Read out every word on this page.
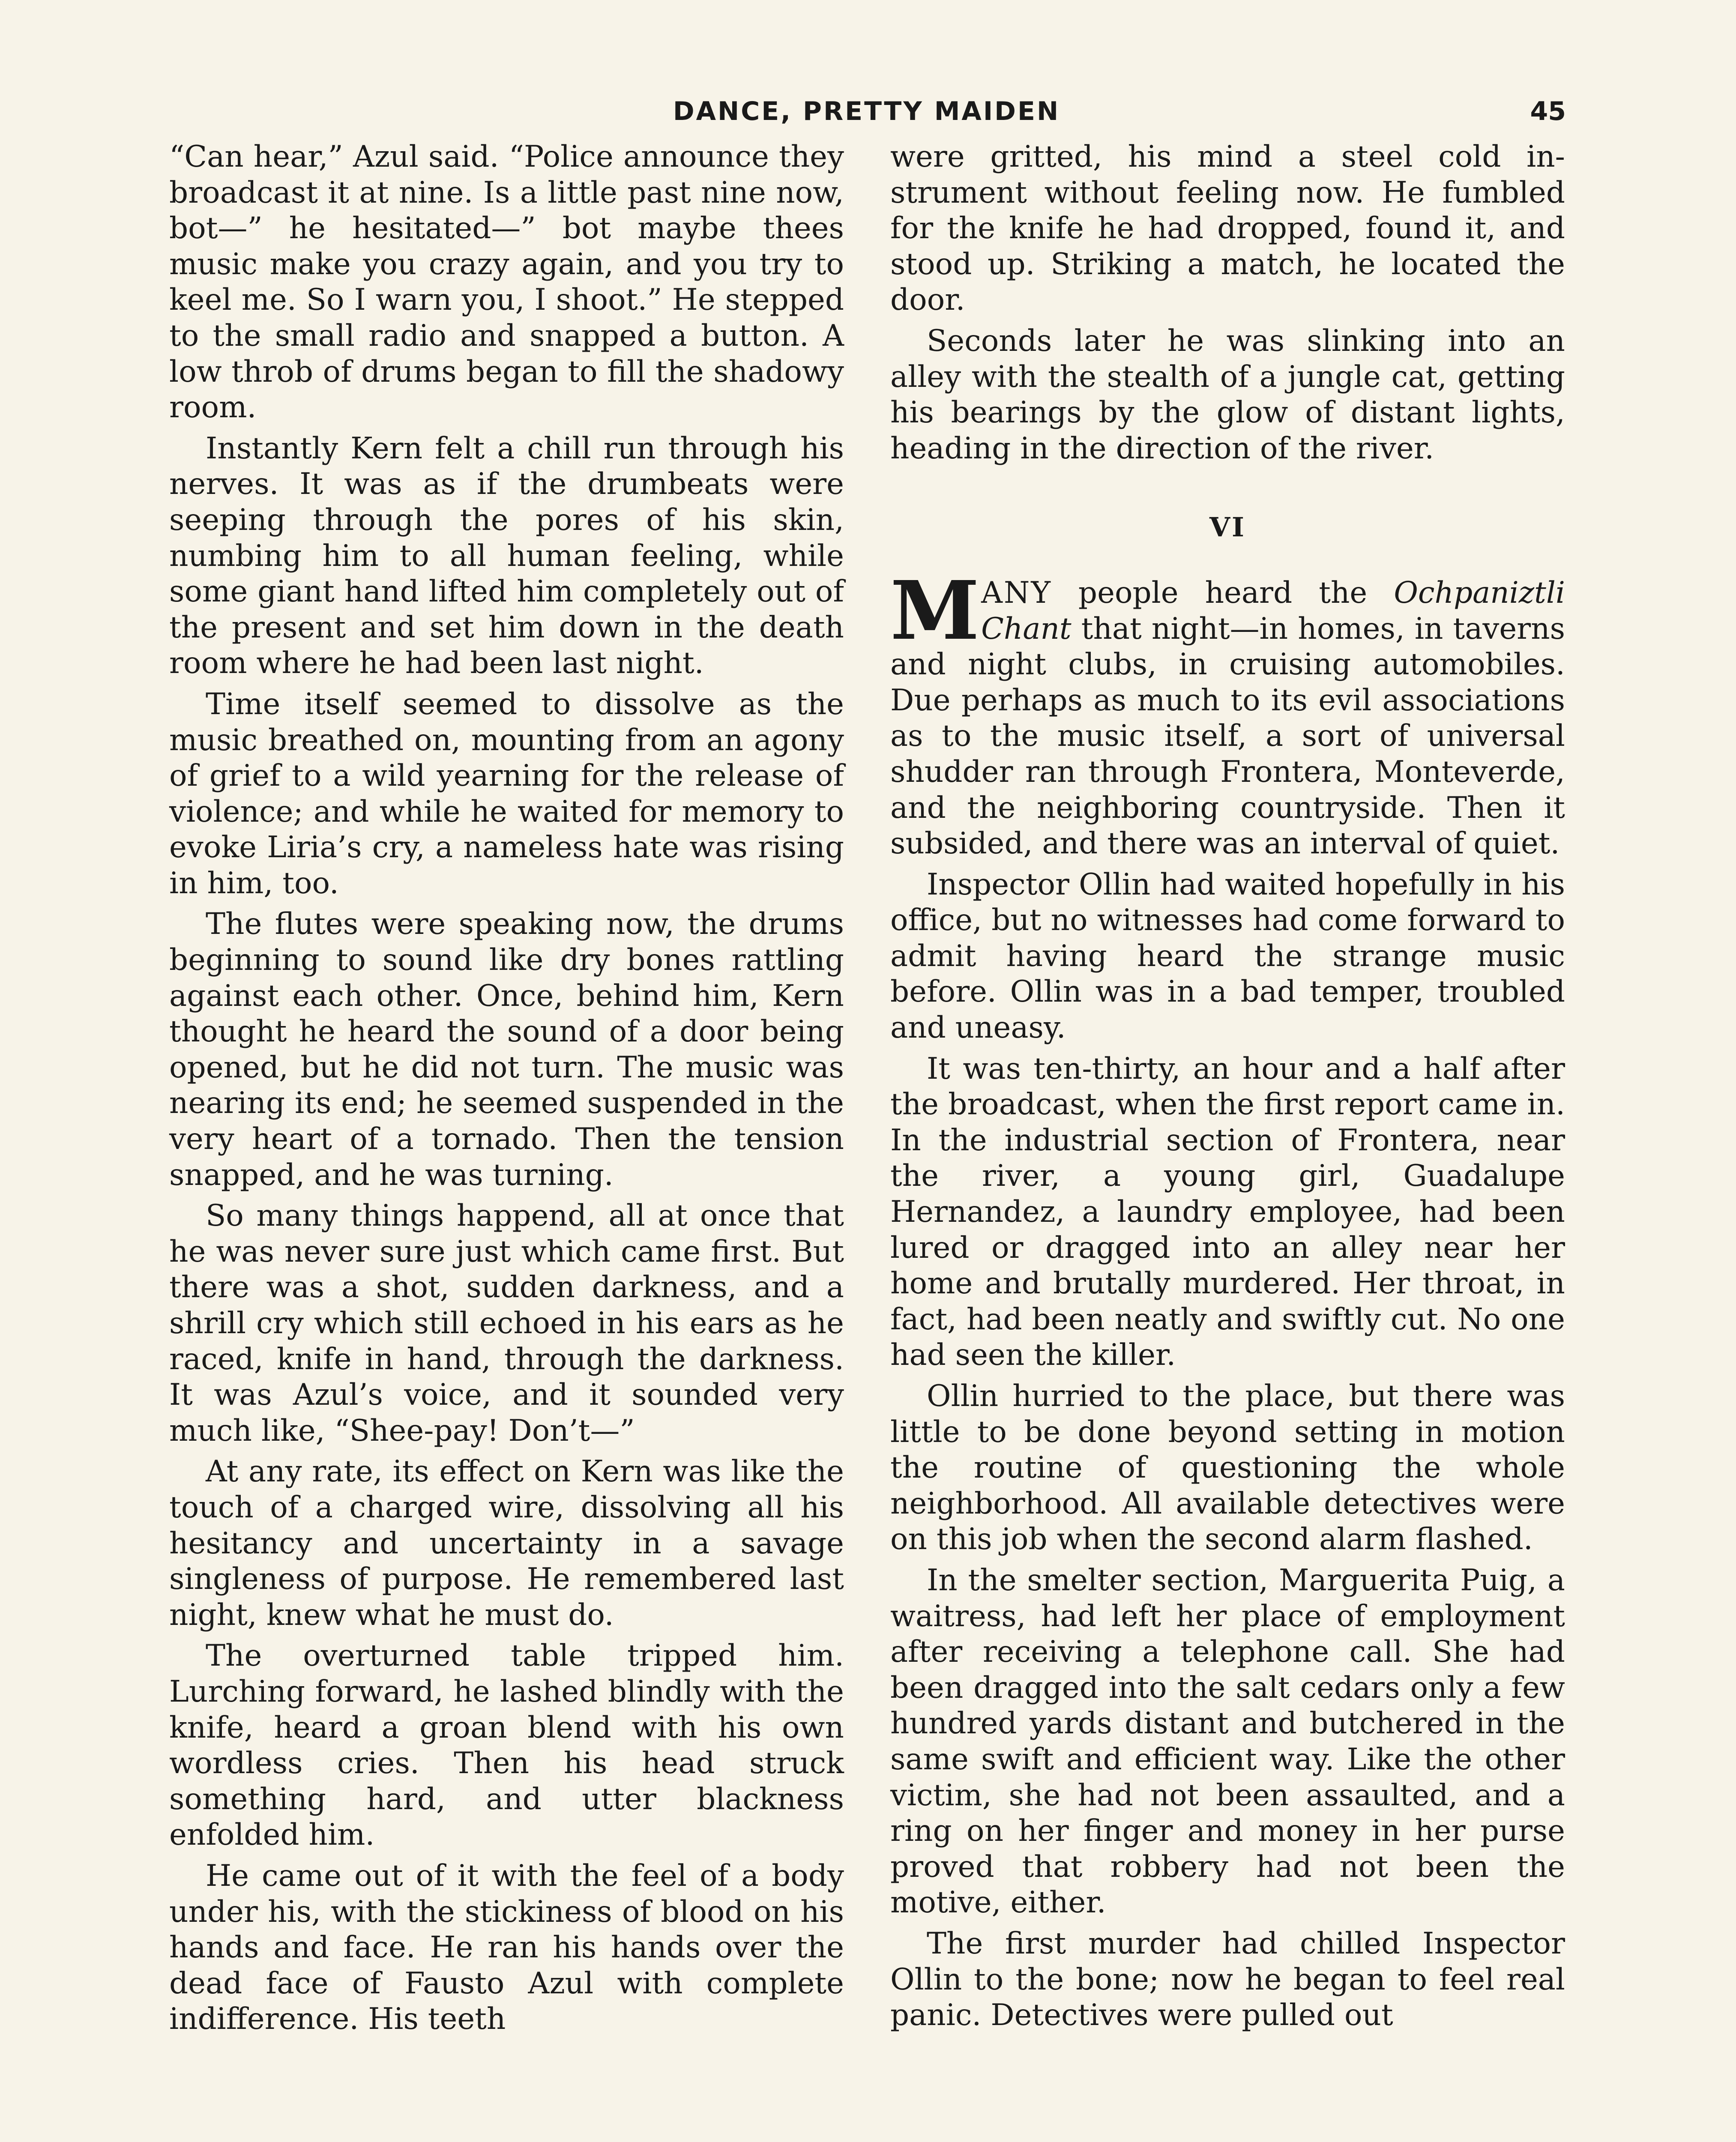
DANCE, PRETTY MAIDEN	45

“Can hear,” Azul said. “Police announce they broadcast it at nine. Is a little past nine now, bot—” he hesitated—” bot maybe thees music make you crazy again, and you try to keel me. So I warn you, I shoot.” He stepped to the small radio and snapped a button. A low throb of drums began to fill the shadowy room.

Instantly Kern felt a chill run through his nerves. It was as if the drumbeats were seeping through the pores of his skin, numbing him to all human feeling, while some giant hand lifted him completely out of the present and set him down in the death room where he had been last night.

Time itself seemed to dissolve as the music breathed on, mounting from an agony of grief to a wild yearning for the release of violence; and while he waited for memory to evoke Liria’s cry, a nameless hate was rising in him, too.

The flutes were speaking now, the drums beginning to sound like dry bones rattling against each other. Once, behind him, Kern thought he heard the sound of a door being opened, but he did not turn. The music was nearing its end; he seemed suspended in the very heart of a tornado. Then the tension snapped, and he was turning.

So many things happend, all at once that he was never sure just which came first. But there was a shot, sudden darkness, and a shrill cry which still echoed in his ears as he raced, knife in hand, through the darkness. It was Azul’s voice, and it sounded very much like, “Shee-pay! Don’t—”

At any rate, its effect on Kern was like the touch of a charged wire, dissolving all his hesitancy and uncertainty in a savage singleness of purpose. He remembered last night, knew what he must do.

The overturned table tripped him. Lurching forward, he lashed blindly with the knife, heard a groan blend with his own wordless cries. Then his head struck something hard, and utter blackness enfolded him.

He came out of it with the feel of a body under his, with the stickiness of blood on his hands and face. He ran his hands over the dead face of Fausto Azul with complete indifference. His teeth

were gritted, his mind a steel cold instrument without feeling now. He fumbled for the knife he had dropped, found it, and stood up. Striking a match, he located the door.

Seconds later he was slinking into an alley with the stealth of a jungle cat, getting his bearings by the glow of distant lights, heading in the direction of the river.

VI

MANY people heard the Ochpaniztli Chant that night—in homes, in taverns and night clubs, in cruising automobiles. Due perhaps as much to its evil associations as to the music itself, a sort of universal shudder ran through Frontera, Monteverde, and the neighboring countryside. Then it subsided, and there was an interval of quiet.

Inspector Ollin had waited hopefully in his office, but no witnesses had come forward to admit having heard the strange music before. Ollin was in a bad temper, troubled and uneasy.

It was ten-thirty, an hour and a half after the broadcast, when the first report came in. In the industrial section of Frontera, near the river, a young girl, Guadalupe Hernandez, a laundry employee, had been lured or dragged into an alley near her home and brutally murdered. Her throat, in fact, had been neatly and swiftly cut. No one had seen the killer.

Ollin hurried to the place, but there was little to be done beyond setting in motion the routine of questioning the whole neighborhood. All available detectives were on this job when the second alarm flashed.

In the smelter section, Marguerita Puig, a waitress, had left her place of employment after receiving a telephone call. She had been dragged into the salt cedars only a few hundred yards distant and butchered in the same swift and efficient way. Like the other victim, she had not been assaulted, and a ring on her finger and money in her purse proved that robbery had not been the motive, either.

The first murder had chilled Inspector Ollin to the bone; now he began to feel real panic. Detectives were pulled out
